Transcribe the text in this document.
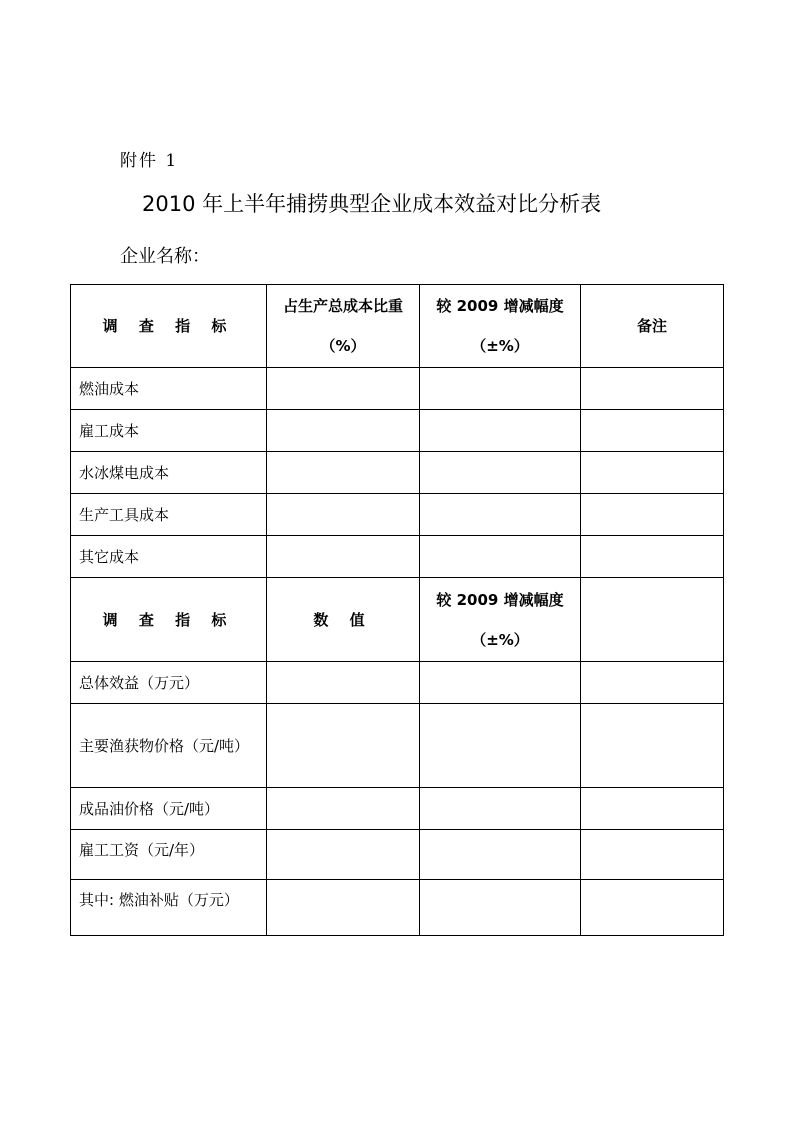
附件 1
2010 年上半年捕捞典型企业成本效益对比分析表
企业名称：
调 查 指 标	占生产总成本比重（%）	较 2009 增减幅度（±%）	备注
燃油成本			
雇工成本			
水冰煤电成本			
生产工具成本			
其它成本			
调 查 指 标	数 值	较 2009 增减幅度（±%）	
总体效益（万元）			
主要渔获物价格（元/吨）			
成品油价格（元/吨）			
雇工工资（元/年）			
其中: 燃油补贴（万元）			
